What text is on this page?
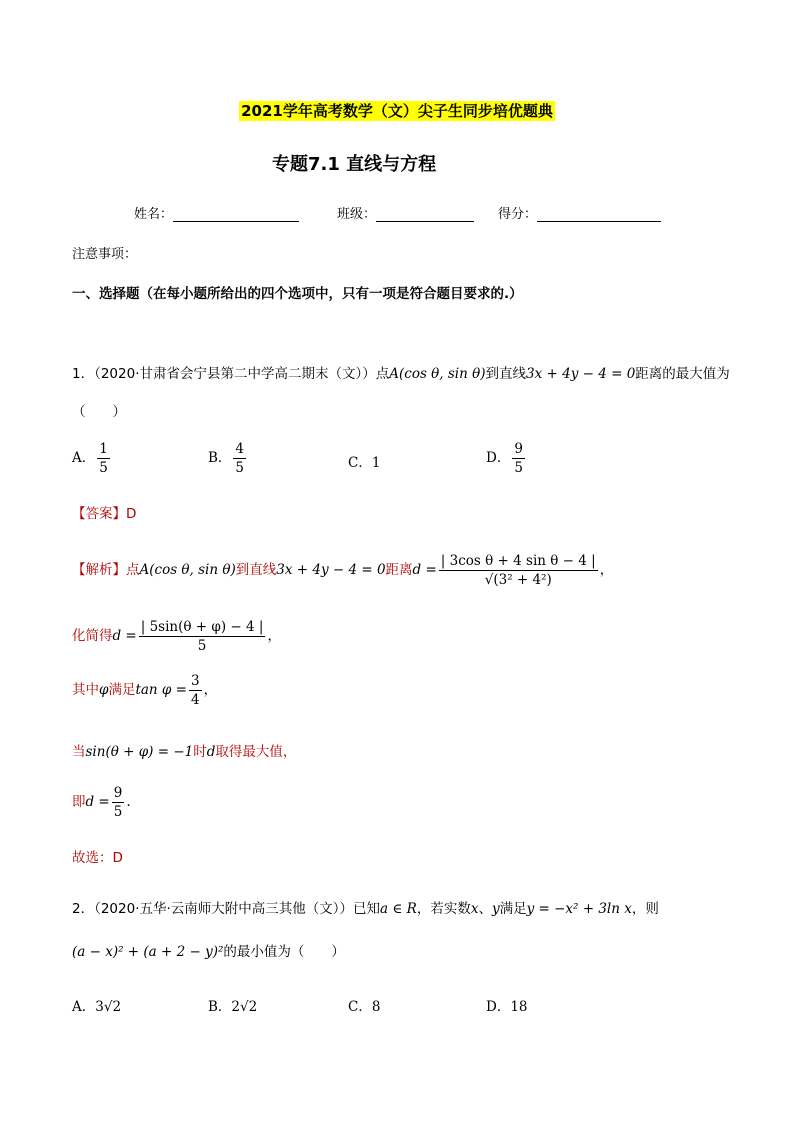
2021学年高考数学（文）尖子生同步培优题典
专题7.1 直线与方程
姓名：	班级：	得分：
注意事项：
一、选择题（在每小题所给出的四个选项中，只有一项是符合题目要求的.）
1．（2020·甘肃省会宁县第二中学高二期末（文））点A(cos θ, sin θ)到直线3x + 4y − 4 = 0距离的最大值为
（　　）
A． $\frac{1}{5}$	B． $\frac{4}{5}$	C．1	D． $\frac{9}{5}$
【答案】D
【解析】点A(cos θ, sin θ)到直线3x + 4y − 4 = 0距离$d = \frac{\text{| 3cos θ + 4 sin θ − 4 |}}{\text{√(3² + 4²)}}$ ，
化简得$d = \frac{| 5\sin(\theta + \varphi) - 4 |}{5}$ ，
其中φ满足$\tan \varphi = \frac{3}{4}$ ，
当sin(θ + φ) = −1时d取得最大值，
即$d = \frac{9}{5}$ .
故选：D
2．（2020·五华·云南师大附中高三其他（文））已知a ∈ R，若实数x、y满足y = −x² + 3ln x，则
(a − x)² + (a + 2 − y)²的最小值为（　　）
A．3√2	B．2√2	C．8	D．18
